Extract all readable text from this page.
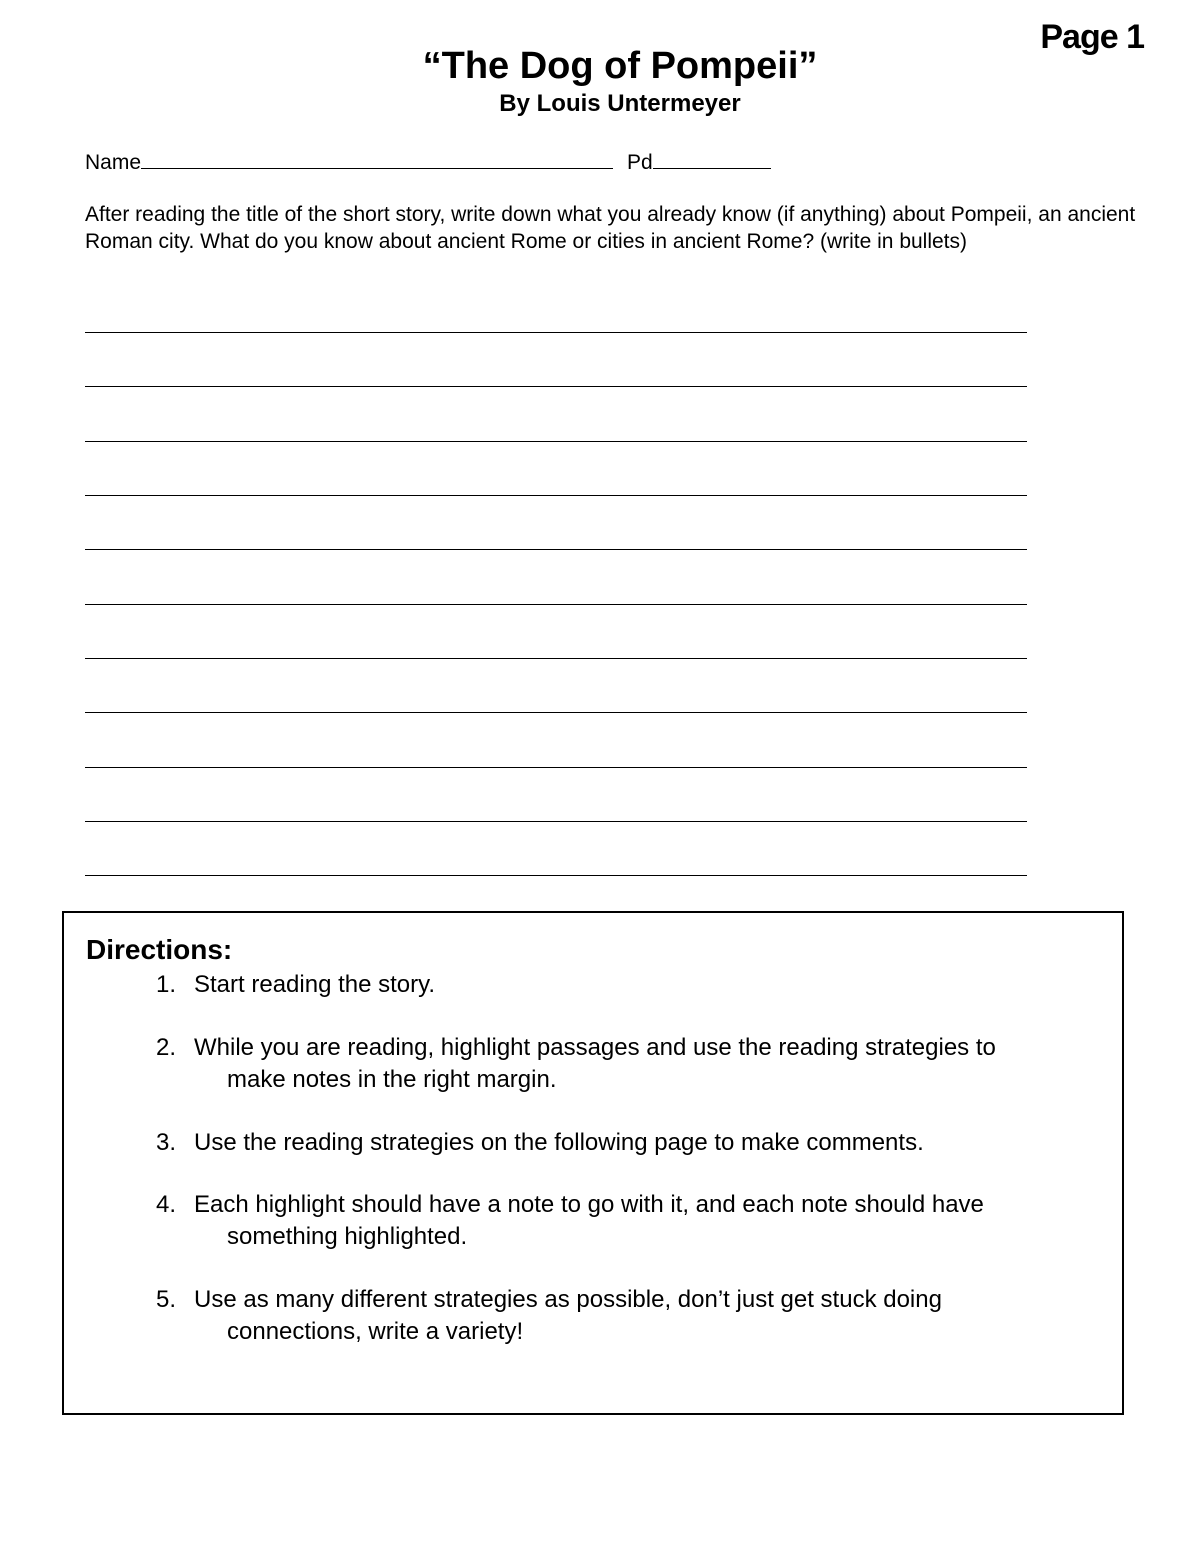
Page 1
“The Dog of Pompeii”
By Louis Untermeyer
Name	Pd
After reading the title of the short story, write down what you already know (if anything) about Pompeii, an ancient Roman city. What do you know about ancient Rome or cities in ancient Rome? (write in bullets)
Directions:
1. Start reading the story.
2. While you are reading, highlight passages and use the reading strategies to
make notes in the right margin.
3. Use the reading strategies on the following page to make comments.
4. Each highlight should have a note to go with it, and each note should have
something highlighted.
5. Use as many different strategies as possible, don’t just get stuck doing
connections, write a variety!
